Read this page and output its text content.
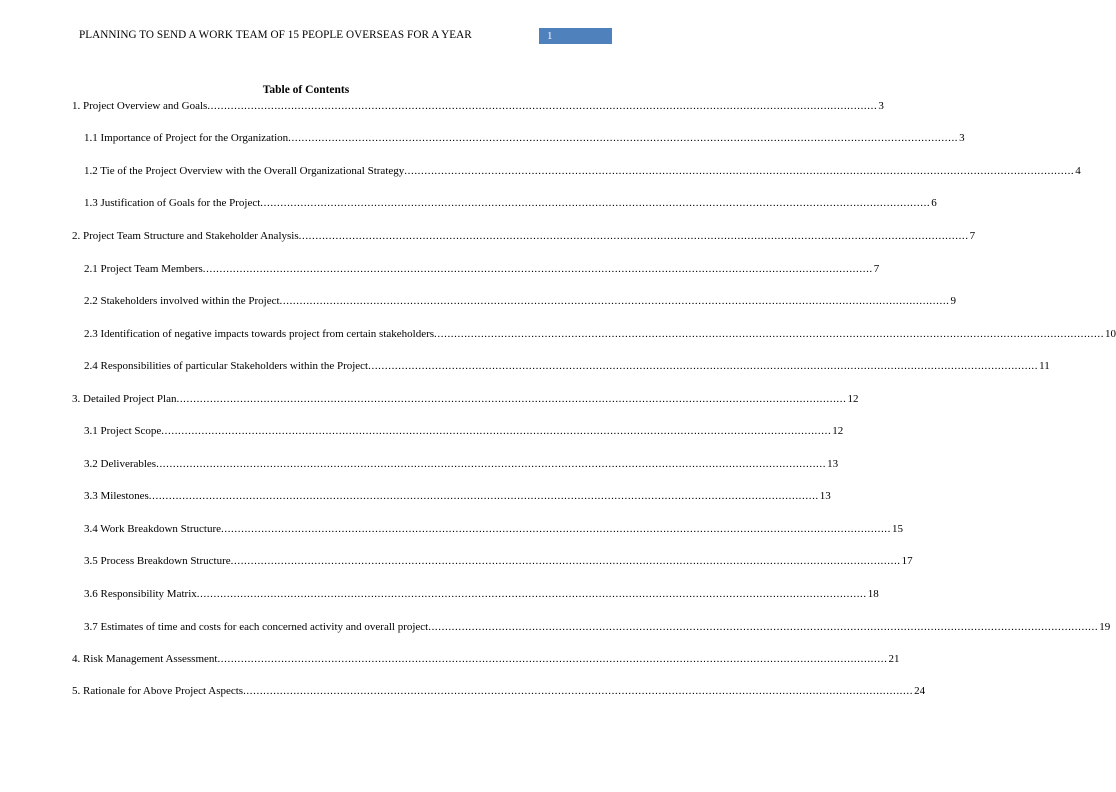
PLANNING TO SEND A WORK TEAM OF 15 PEOPLE OVERSEAS FOR A YEAR	1
Table of Contents
1. Project Overview and Goals ........................................................................................................................................................................................................ 3
1.1 Importance of Project for the Organization ........................................................................................................................................................................................................ 3
1.2 Tie of the Project Overview with the Overall Organizational Strategy ........................................................................................................................................................................................................ 4
1.3 Justification of Goals for the Project ........................................................................................................................................................................................................ 6
2. Project Team Structure and Stakeholder Analysis ........................................................................................................................................................................................................ 7
2.1 Project Team Members ........................................................................................................................................................................................................ 7
2.2 Stakeholders involved within the Project ........................................................................................................................................................................................................ 9
2.3 Identification of negative impacts towards project from certain stakeholders ........................................................................................................................................................................................................ 10
2.4 Responsibilities of particular Stakeholders within the Project ........................................................................................................................................................................................................ 11
3. Detailed Project Plan ........................................................................................................................................................................................................ 12
3.1 Project Scope ........................................................................................................................................................................................................ 12
3.2 Deliverables ........................................................................................................................................................................................................ 13
3.3 Milestones ........................................................................................................................................................................................................ 13
3.4 Work Breakdown Structure ........................................................................................................................................................................................................ 15
3.5 Process Breakdown Structure ........................................................................................................................................................................................................ 17
3.6 Responsibility Matrix ........................................................................................................................................................................................................ 18
3.7 Estimates of time and costs for each concerned activity and overall project ........................................................................................................................................................................................................ 19
4. Risk Management Assessment ........................................................................................................................................................................................................ 21
5. Rationale for Above Project Aspects ........................................................................................................................................................................................................ 24
